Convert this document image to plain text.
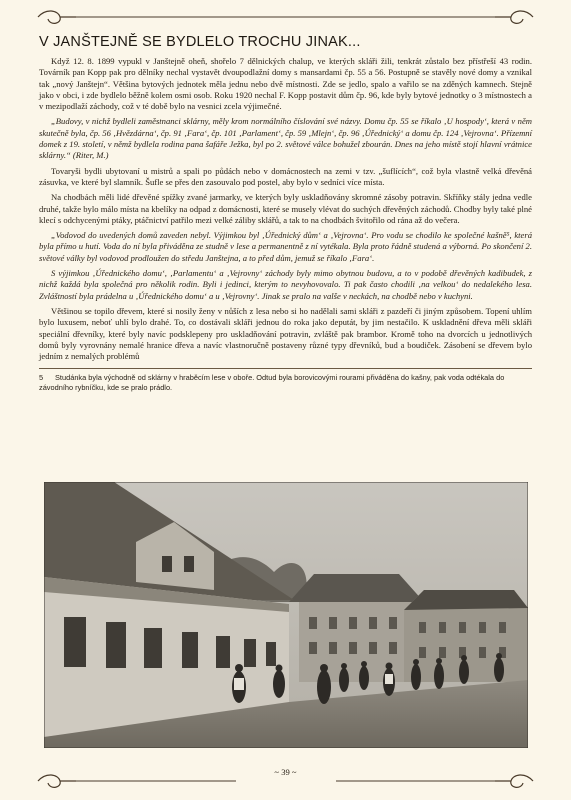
V JANŠTEJNĚ SE BYDLELO TROCHU JINAK...

Když 12. 8. 1899 vypukl v Janštejně oheň, shořelo 7 dělnických chalup, ve kterých skláři žili, tenkrát zůstalo bez přístřeší 43 rodin. Továrník pan Kopp pak pro dělníky nechal vystavět dvoupodlažní domy s mansardami čp. 55 a 56. Postupně se stavěly nové domy a vznikal tak „nový Janštejn“. Většina bytových jednotek měla jednu nebo dvě místnosti. Zde se jedlo, spalo a vařilo se na zděných kamnech. Stejně jako v obci, i zde bydlelo běžně kolem osmi osob. Roku 1920 nechal F. Kopp postavit dům čp. 96, kde byly bytové jednotky o 3 místnostech a v mezipodlaží záchody, což v té době bylo na vesnici zcela výjimečné.

„Budovy, v nichž bydleli zaměstnanci sklárny, měly krom normálního číslování své názvy. Domu čp. 55 se říkalo ‚U hospody‘, která v něm skutečně byla, čp. 56 ‚Hvězdárna‘, čp. 91 ‚Fara‘, čp. 101 ‚Parlament‘, čp. 59 ‚Mlejn‘, čp. 96 ‚Úřednický‘ a domu čp. 124 ‚Vejrovna‘. Přízemní domek z 19. století, v němž bydlela rodina pana šafáře Ježka, byl po 2. světové válce bohužel zbourán. Dnes na jeho místě stojí hlavní vrátnice sklárny.“ (Riter, M.)

Tovaryši bydli ubytovaní u mistrů a spali po půdách nebo v domácnostech na zemi v tzv. „šuflících“, což byla vlastně velká dřevěná zásuvka, ve které byl slamník. Šufle se přes den zasouvalo pod postel, aby bylo v sedníci více místa.

Na chodbách měli lidé dřevěné spížky zvané jarmarky, ve kterých byly uskladňovány skromné zásoby potravin. Skříňky stály jedna vedle druhé, takže bylo málo místa na kbelíky na odpad z domácnosti, které se musely vlévat do suchých dřevěných záchodů. Chodby byly také plné klecí s odchycenými ptáky, ptáčnictví patřilo mezi velké záliby sklářů, a tak to na chodbách švitořilo od rána až do večera.

„Vodovod do uvedených domů zaveden nebyl. Výjimkou byl ‚Úřednický dům‘ a ‚Vejrovna‘. Pro vodu se chodilo ke společné kašně⁵, která byla přímo u hutí. Voda do ní byla přiváděna ze studně v lese a permanentně z ní vytékala. Byla proto řádně studená a výborná. Po skončení 2. světové války byl vodovod prodloužen do středu Janštejna, a to před dům, jemuž se říkalo ‚Fara‘.

S výjimkou ‚Úřednického domu‘, ‚Parlamentu‘ a ‚Vejrovny‘ záchody byly mimo obytnou budovu, a to v podobě dřevěných kadibudek, z nichž každá byla společná pro několik rodin. Byli i jedinci, kterým to nevyhovovalo. Ti pak často chodili ‚na velkou‘ do nedalekého lesa. Zvláštností byla prádelna u ‚Úřednického domu‘ a u ‚Vejrovny‘. Jinak se pralo na valše v neckách, na chodbě nebo v kuchyni.

Většinou se topilo dřevem, které si nosily ženy v nůších z lesa nebo si ho nadělali sami skláři z pazdeří či jiným způsobem. Topení uhlím bylo luxusem, neboť uhlí bylo drahé. To, co dostávali skláři jednou do roka jako deputát, by jim nestačilo. K uskladnění dřeva měli skláři speciální dřevníky, které byly navíc podsklepeny pro uskladňování potravin, zvláště pak brambor. Kromě toho na dvorcích u jednotlivých domů byly vyrovnány nemalé hranice dřeva a navíc vlastnoručně postaveny různé typy dřevníků, bud a boudiček. Zásobení se dřevem bylo jedním z nemalých problémů

5 Studánka byla východně od sklárny v hraběcím lese v oboře. Odtud byla borovicovými rourami přiváděna do kašny, pak voda odtékala do závodního rybníčku, kde se pralo prádlo.
~ 39 ~
